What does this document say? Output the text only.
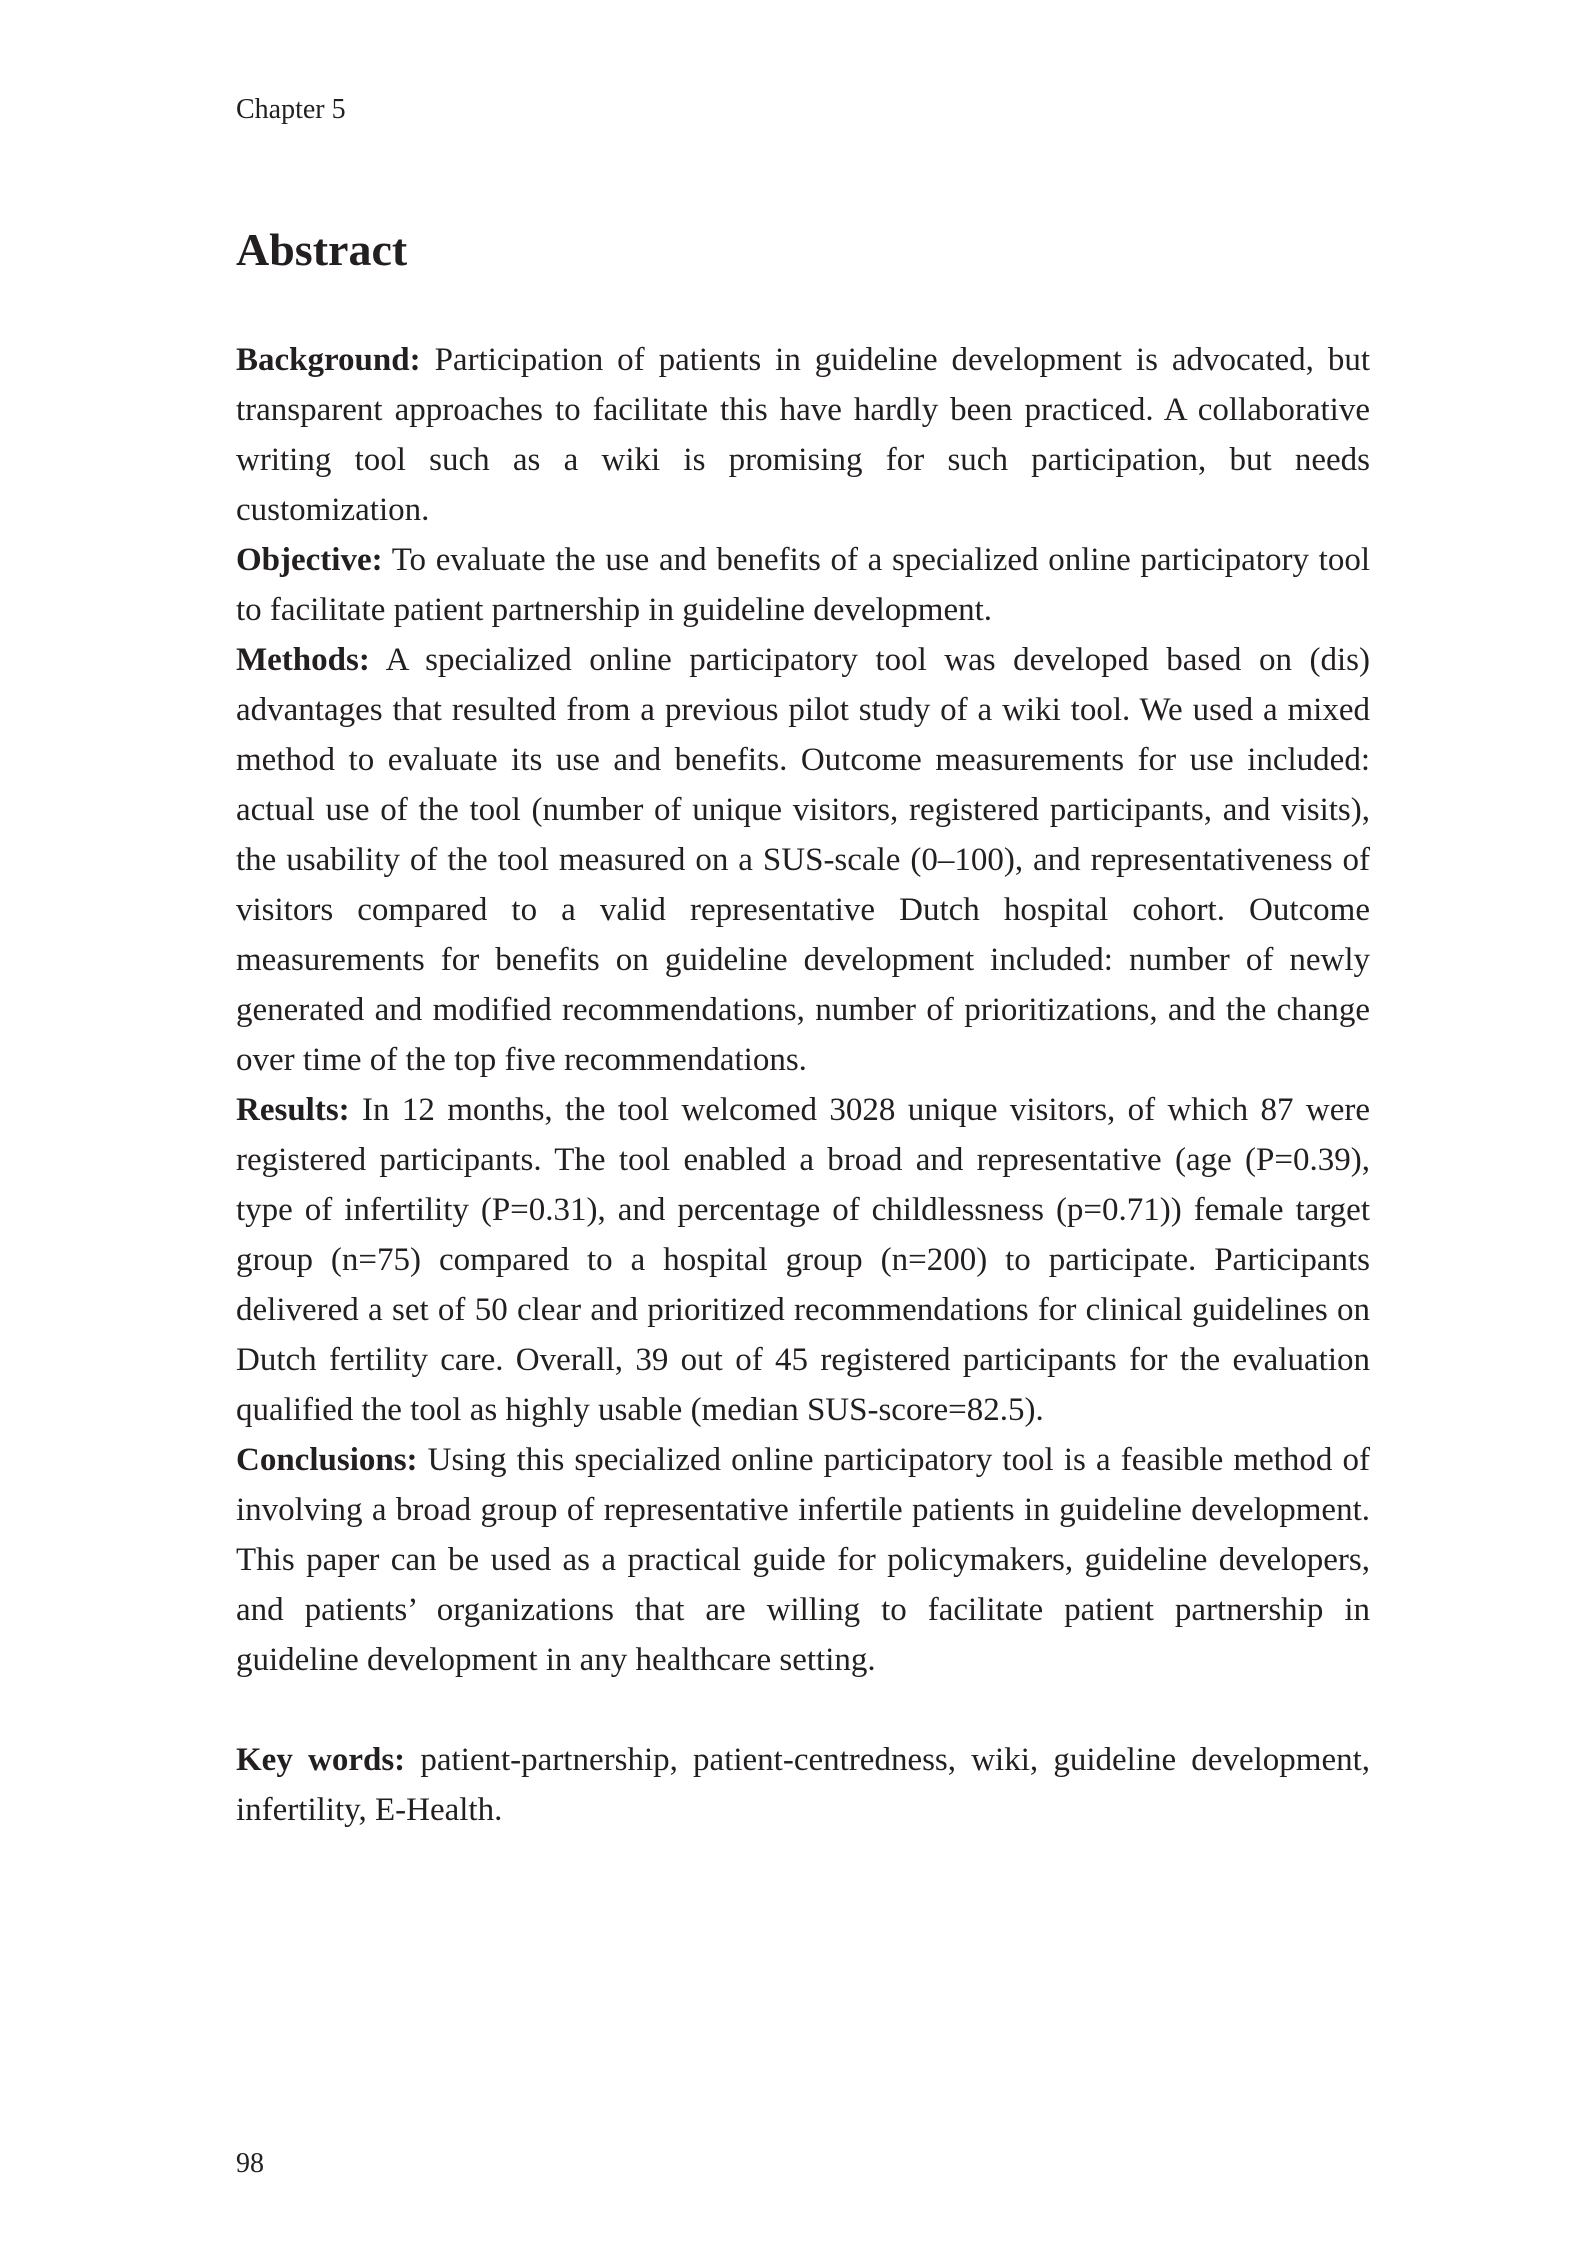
Chapter 5
Abstract

Background: Participation of patients in guideline development is advocated, but transparent approaches to facilitate this have hardly been practiced. A collaborative writing tool such as a wiki is promising for such participation, but needs customization.

Objective: To evaluate the use and benefits of a specialized online participatory tool to facilitate patient partnership in guideline development.

Methods: A specialized online participatory tool was developed based on (dis) advantages that resulted from a previous pilot study of a wiki tool. We used a mixed method to evaluate its use and benefits. Outcome measurements for use included: actual use of the tool (number of unique visitors, registered participants, and visits), the usability of the tool measured on a SUS-scale (0–100), and representativeness of visitors compared to a valid representative Dutch hospital cohort. Outcome measurements for benefits on guideline development included: number of newly generated and modified recommendations, number of prioritizations, and the change over time of the top five recommendations.

Results: In 12 months, the tool welcomed 3028 unique visitors, of which 87 were registered participants. The tool enabled a broad and representative (age (P=0.39), type of infertility (P=0.31), and percentage of childlessness (p=0.71)) female target group (n=75) compared to a hospital group (n=200) to participate. Participants delivered a set of 50 clear and prioritized recommendations for clinical guidelines on Dutch fertility care. Overall, 39 out of 45 registered participants for the evaluation qualified the tool as highly usable (median SUS-score=82.5).

Conclusions: Using this specialized online participatory tool is a feasible method of involving a broad group of representative infertile patients in guideline development. This paper can be used as a practical guide for policymakers, guideline developers, and patients’ organizations that are willing to facilitate patient partnership in guideline development in any healthcare setting.

Key words: patient-partnership, patient-centredness, wiki, guideline development, infertility, E-Health.

98
